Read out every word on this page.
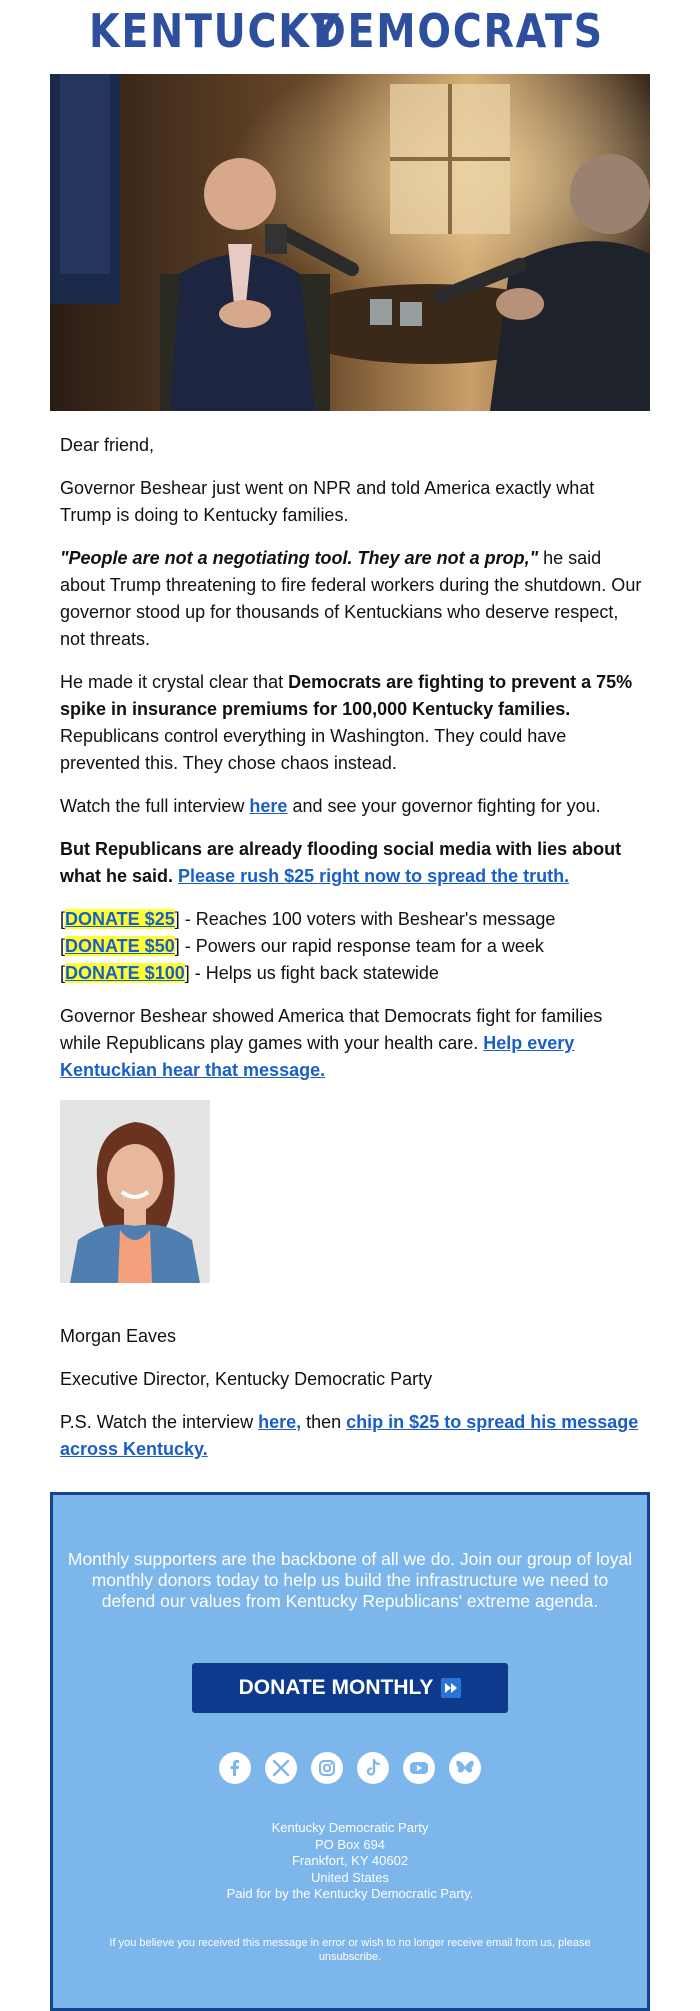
KENTUCKY
DEMOCRATS

Dear friend,

Governor Beshear just went on NPR and told America exactly what Trump is doing to Kentucky families.

"People are not a negotiating tool. They are not a prop," he said about Trump threatening to fire federal workers during the shutdown. Our governor stood up for thousands of Kentuckians who deserve respect, not threats.

He made it crystal clear that Democrats are fighting to prevent a 75% spike in insurance premiums for 100,000 Kentucky families. Republicans control everything in Washington. They could have prevented this. They chose chaos instead.

Watch the full interview here and see your governor fighting for you.

But Republicans are already flooding social media with lies about what he said. Please rush $25 right now to spread the truth.

[DONATE $25] - Reaches 100 voters with Beshear's message

[DONATE $50] - Powers our rapid response team for a week

[DONATE $100] - Helps us fight back statewide

Governor Beshear showed America that Democrats fight for families while Republicans play games with your health care. Help every Kentuckian hear that message.

Morgan Eaves

Executive Director, Kentucky Democratic Party

P.S. Watch the interview here, then chip in $25 to spread his message across Kentucky.

Monthly supporters are the backbone of all we do. Join our group of loyal monthly donors today to help us build the infrastructure we need to defend our values from Kentucky Republicans' extreme agenda.
DONATE MONTHLY
Kentucky Democratic Party
PO Box 694
Frankfort, KY 40602
United States
Paid for by the Kentucky Democratic Party.
If you believe you received this message in error or wish to no longer receive email from us, please unsubscribe.
